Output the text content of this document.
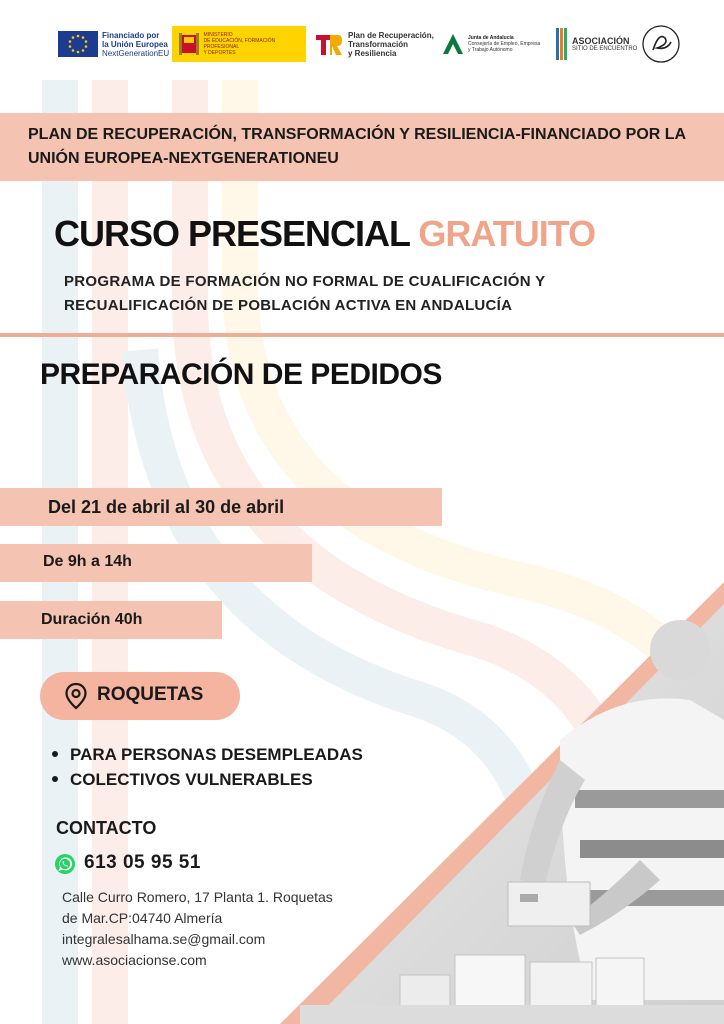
Financiado por
la Unión Europea
NextGenerationEU
MINISTERIO
DE EDUCACIÓN, FORMACIÓN PROFESIONAL
Y DEPORTES
Plan de Recuperación,
Transformación
y Resiliencia
Junta de Andalucía
Consejería de Empleo, Empresa
y Trabajo Autónomo
ASOCIACIÓN
SITIO DE ENCUENTRO
PLAN DE RECUPERACIÓN, TRANSFORMACIÓN Y RESILIENCIA-FINANCIADO POR LA UNIÓN EUROPEA-NEXTGENERATIONEU
CURSO PRESENCIAL GRATUITO
PROGRAMA DE FORMACIÓN NO FORMAL DE CUALIFICACIÓN Y RECUALIFICACIÓN DE POBLACIÓN ACTIVA EN ANDALUCÍA
PREPARACIÓN DE PEDIDOS
Del 21 de abril al 30 de abril
De 9h a 14h
Duración 40h
ROQUETAS
PARA PERSONAS DESEMPLEADAS
COLECTIVOS VULNERABLES
CONTACTO
613 05 95 51
Calle Curro Romero, 17 Planta 1. Roquetas
de Mar.CP:04740 Almería
integralesalhama.se@gmail.com
www.asociacionse.com
